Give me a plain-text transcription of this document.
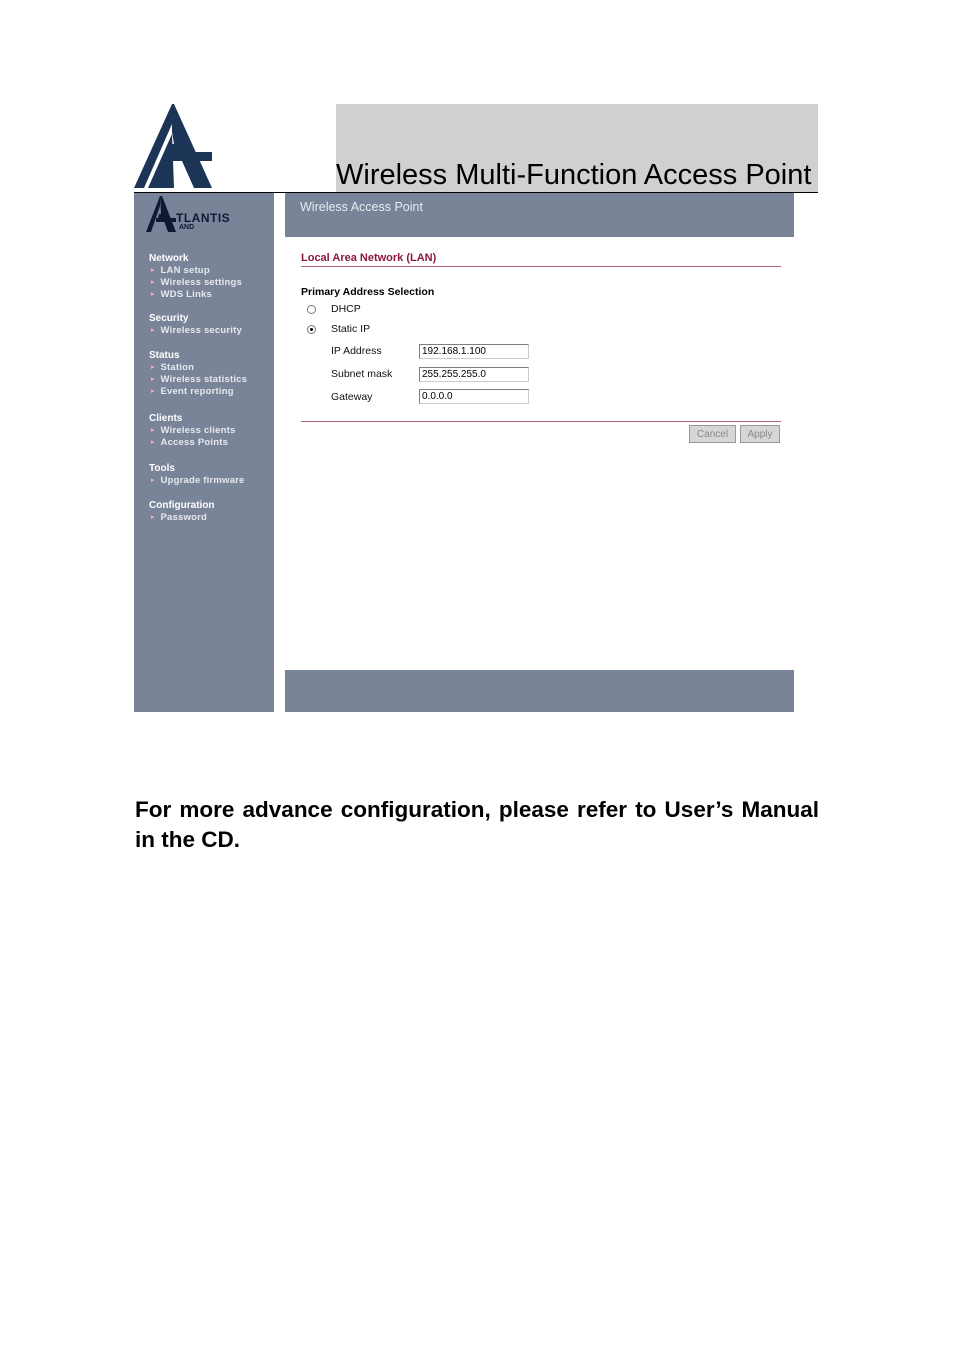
Wireless Multi-Function Access Point
TLANTIS
AND
Network
▸ LAN setup
▸ Wireless settings
▸ WDS Links
Security
▸ Wireless security
Status
▸ Station
▸ Wireless statistics
▸ Event reporting
Clients
▸ Wireless clients
▸ Access Points
Tools
▸ Upgrade firmware
Configuration
▸ Password
Wireless Access Point
Local Area Network (LAN)
Primary Address Selection
DHCP
Static IP
IP Address
192.168.1.100
Subnet mask
255.255.255.0
Gateway
0.0.0.0
Cancel	Apply
For more advance configuration, please refer to User’s Manual in the CD.
